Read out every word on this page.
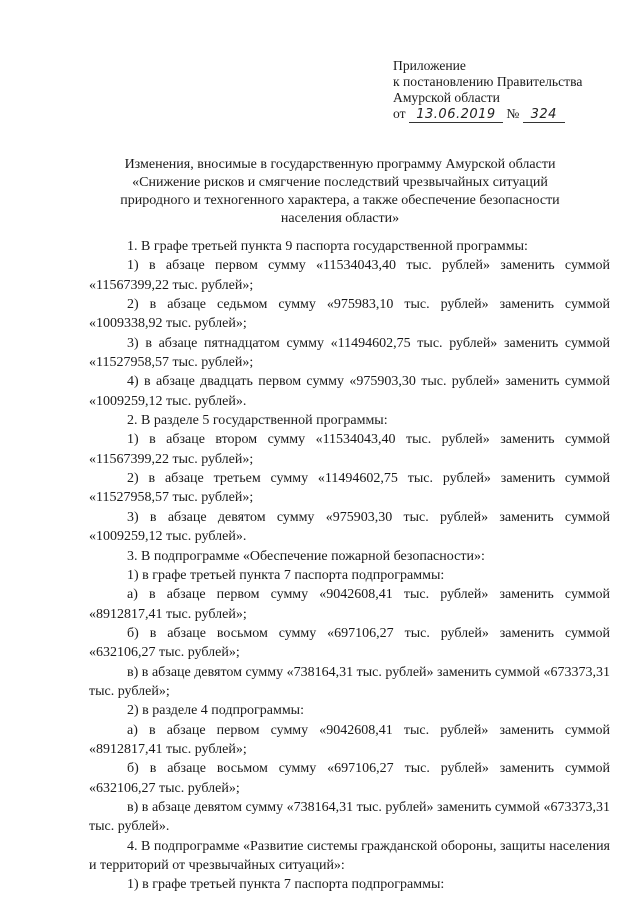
Приложение
к постановлению Правительства
Амурской области
от 13.06.2019 № 324
Изменения, вносимые в государственную программу Амурской области
«Снижение рисков и смягчение последствий чрезвычайных ситуаций
природного и техногенного характера, а также обеспечение безопасности
населения области»

1. В графе третьей пункта 9 паспорта государственной программы:

1) в абзаце первом сумму «11534043,40 тыс. рублей» заменить суммой «11567399,22 тыс. рублей»;

2) в абзаце седьмом сумму «975983,10 тыс. рублей» заменить суммой «1009338,92 тыс. рублей»;

3) в абзаце пятнадцатом сумму «11494602,75 тыс. рублей» заменить суммой «11527958,57 тыс. рублей»;

4) в абзаце двадцать первом сумму «975903,30 тыс. рублей» заменить суммой «1009259,12 тыс. рублей».

2. В разделе 5 государственной программы:

1) в абзаце втором сумму «11534043,40 тыс. рублей» заменить суммой «11567399,22 тыс. рублей»;

2) в абзаце третьем сумму «11494602,75 тыс. рублей» заменить суммой «11527958,57 тыс. рублей»;

3) в абзаце девятом сумму «975903,30 тыс. рублей» заменить суммой «1009259,12 тыс. рублей».

3. В подпрограмме «Обеспечение пожарной безопасности»:

1) в графе третьей пункта 7 паспорта подпрограммы:

а) в абзаце первом сумму «9042608,41 тыс. рублей» заменить суммой «8912817,41 тыс. рублей»;

б) в абзаце восьмом сумму «697106,27 тыс. рублей» заменить суммой «632106,27 тыс. рублей»;

в) в абзаце девятом сумму «738164,31 тыс. рублей» заменить суммой «673373,31 тыс. рублей»;

2) в разделе 4 подпрограммы:

а) в абзаце первом сумму «9042608,41 тыс. рублей» заменить суммой «8912817,41 тыс. рублей»;

б) в абзаце восьмом сумму «697106,27 тыс. рублей» заменить суммой «632106,27 тыс. рублей»;

в) в абзаце девятом сумму «738164,31 тыс. рублей» заменить суммой «673373,31 тыс. рублей».

4. В подпрограмме «Развитие системы гражданской обороны, защиты населения и территорий от чрезвычайных ситуаций»:

1) в графе третьей пункта 7 паспорта подпрограммы:
